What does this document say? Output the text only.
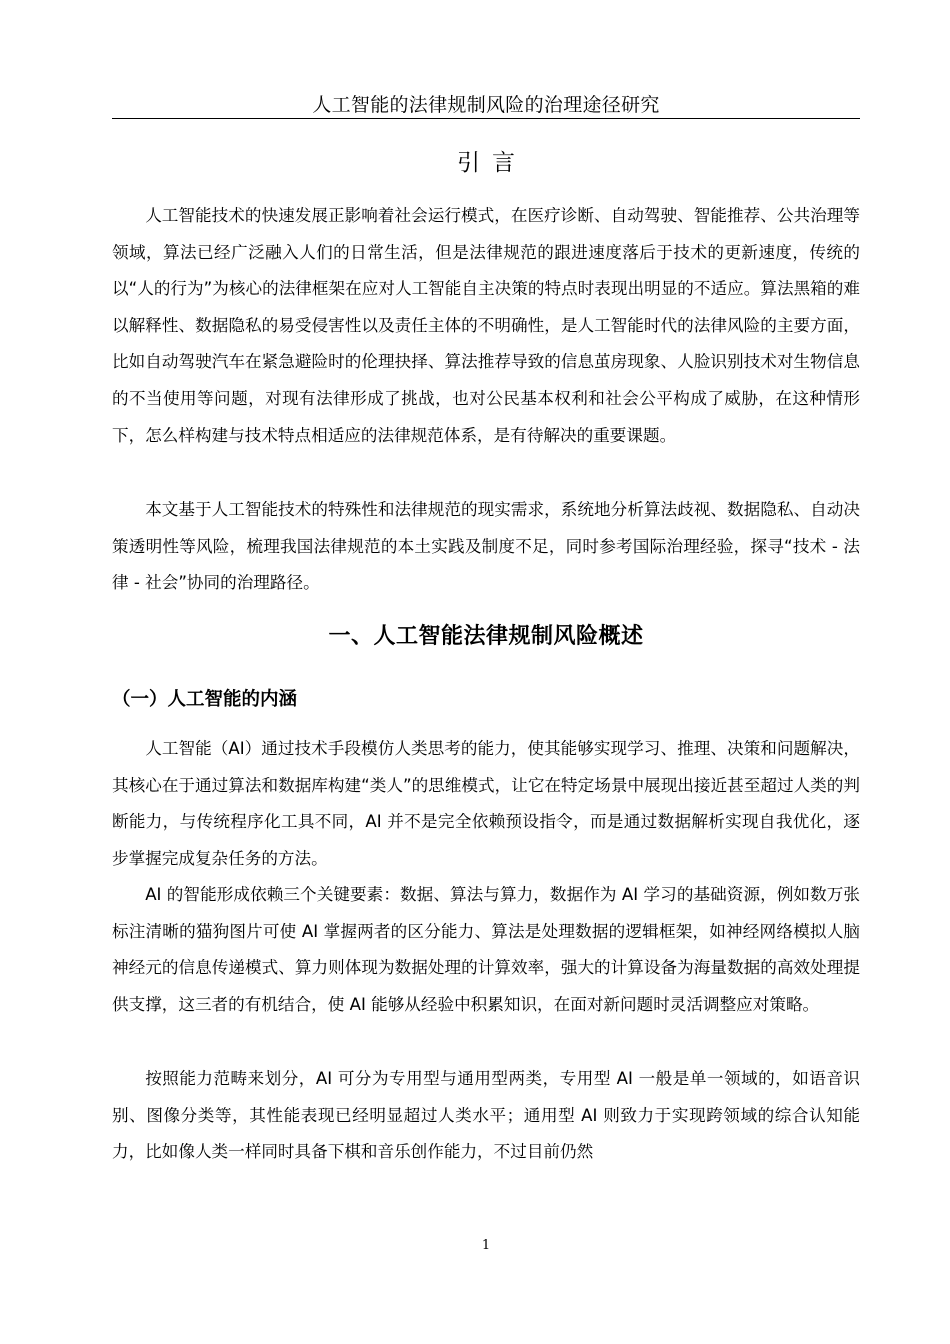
人工智能的法律规制风险的治理途径研究
引言

人工智能技术的快速发展正影响着社会运行模式，在医疗诊断、自动驾驶、智能推荐、公共治理等领域，算法已经广泛融入人们的日常生活，但是法律规范的跟进速度落后于技术的更新速度，传统的以“人的行为”为核心的法律框架在应对人工智能自主决策的特点时表现出明显的不适应。算法黑箱的难以解释性、数据隐私的易受侵害性以及责任主体的不明确性，是人工智能时代的法律风险的主要方面，比如自动驾驶汽车在紧急避险时的伦理抉择、算法推荐导致的信息茧房现象、人脸识别技术对生物信息的不当使用等问题，对现有法律形成了挑战，也对公民基本权利和社会公平构成了威胁，在这种情形下，怎么样构建与技术特点相适应的法律规范体系，是有待解决的重要课题。

本文基于人工智能技术的特殊性和法律规范的现实需求，系统地分析算法歧视、数据隐私、自动决策透明性等风险，梳理我国法律规范的本土实践及制度不足，同时参考国际治理经验，探寻“技术 - 法律 - 社会”协同的治理路径。

一、人工智能法律规制风险概述
（一）人工智能的内涵

人工智能（AI）通过技术手段模仿人类思考的能力，使其能够实现学习、推理、决策和问题解决，其核心在于通过算法和数据库构建“类人”的思维模式，让它在特定场景中展现出接近甚至超过人类的判断能力，与传统程序化工具不同，AI 并不是完全依赖预设指令，而是通过数据解析实现自我优化，逐步掌握完成复杂任务的方法。

AI 的智能形成依赖三个关键要素：数据、算法与算力，数据作为 AI 学习的基础资源，例如数万张标注清晰的猫狗图片可使 AI 掌握两者的区分能力、算法是处理数据的逻辑框架，如神经网络模拟人脑神经元的信息传递模式、算力则体现为数据处理的计算效率，强大的计算设备为海量数据的高效处理提供支撑，这三者的有机结合，使 AI 能够从经验中积累知识，在面对新问题时灵活调整应对策略。

按照能力范畴来划分，AI 可分为专用型与通用型两类，专用型 AI 一般是单一领域的，如语音识别、图像分类等，其性能表现已经明显超过人类水平；通用型 AI 则致力于实现跨领域的综合认知能力，比如像人类一样同时具备下棋和音乐创作能力，不过目前仍然

1
